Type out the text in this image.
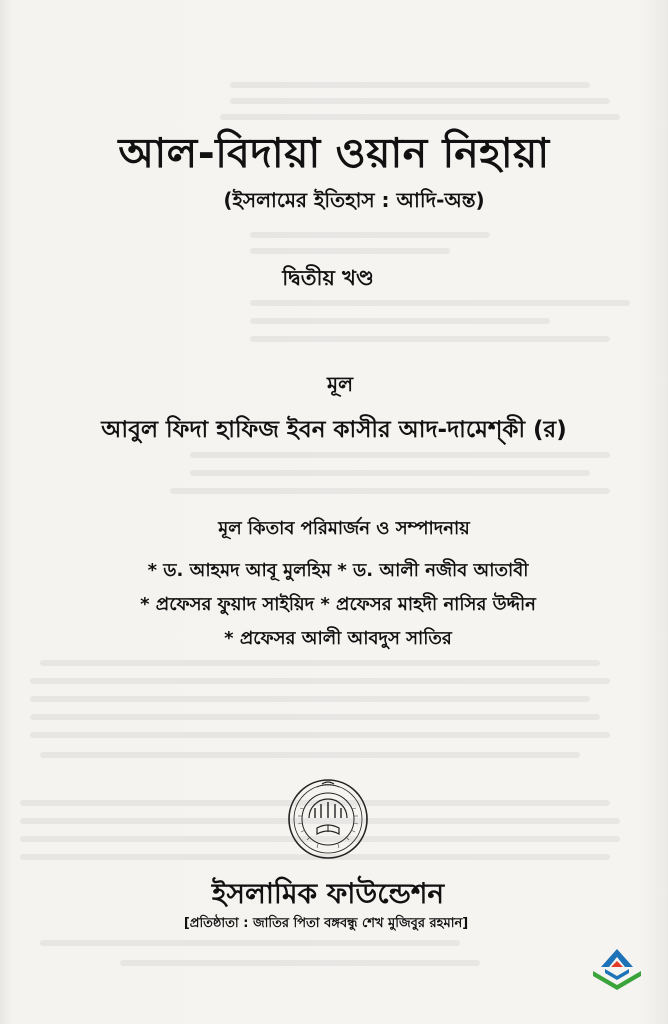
আল-বিদায়া ওয়ান নিহায়া
(ইসলামের ইতিহাস : আদি-অন্ত)
দ্বিতীয় খণ্ড
মূল
আবুল ফিদা হাফিজ ইবন কাসীর আদ-দামেশ্কী (র)
মূল কিতাব পরিমার্জন ও সম্পাদনায়
* ড. আহমদ আবূ মুলহিম * ড. আলী নজীব আতাবী
* প্রফেসর ফুয়াদ সাইয়িদ * প্রফেসর মাহদী নাসির উদ্দীন
* প্রফেসর আলী আবদুস সাতির
ইসলামিক ফাউন্ডেশন
[প্রতিষ্ঠাতা : জাতির পিতা বঙ্গবন্ধু শেখ মুজিবুর রহমান]
